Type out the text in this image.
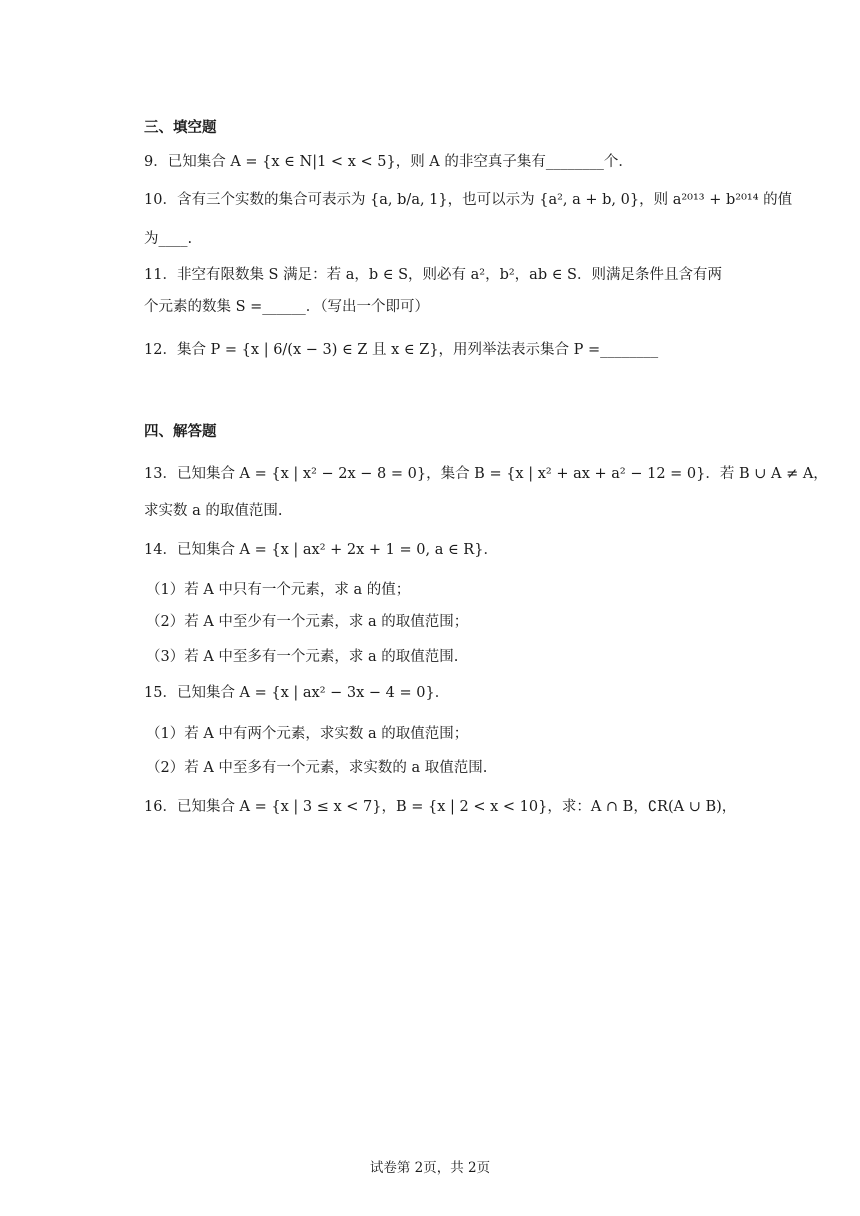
三、填空题
9．已知集合 A = {x ∈ N|1 < x < 5}，则 A 的非空真子集有________个．
10．含有三个实数的集合可表示为 {a, b/a, 1}，也可以示为 {a², a + b, 0}，则 a²⁰¹³ + b²⁰¹⁴ 的值
为____.
11．非空有限数集 S 满足：若 a，b ∈ S，则必有 a²，b²，ab ∈ S．则满足条件且含有两
个元素的数集 S =______．（写出一个即可）
12．集合 P = {x | 6/(x − 3) ∈ Z 且 x ∈ Z}，用列举法表示集合 P =________
四、解答题
13．已知集合 A = {x | x² − 2x − 8 = 0}，集合 B = {x | x² + ax + a² − 12 = 0}．若 B ∪ A ≠ A，
求实数 a 的取值范围.
14．已知集合 A = {x | ax² + 2x + 1 = 0, a ∈ R}．
（1）若 A 中只有一个元素，求 a 的值；
（2）若 A 中至少有一个元素，求 a 的取值范围；
（3）若 A 中至多有一个元素，求 a 的取值范围.
15．已知集合 A = {x | ax² − 3x − 4 = 0}．
（1）若 A 中有两个元素，求实数 a 的取值范围；
（2）若 A 中至多有一个元素，求实数的 a 取值范围.
16．已知集合 A = {x | 3 ≤ x < 7}，B = {x | 2 < x < 10}，求：A ∩ B，∁R(A ∪ B)，
试卷第 2页，共 2页
